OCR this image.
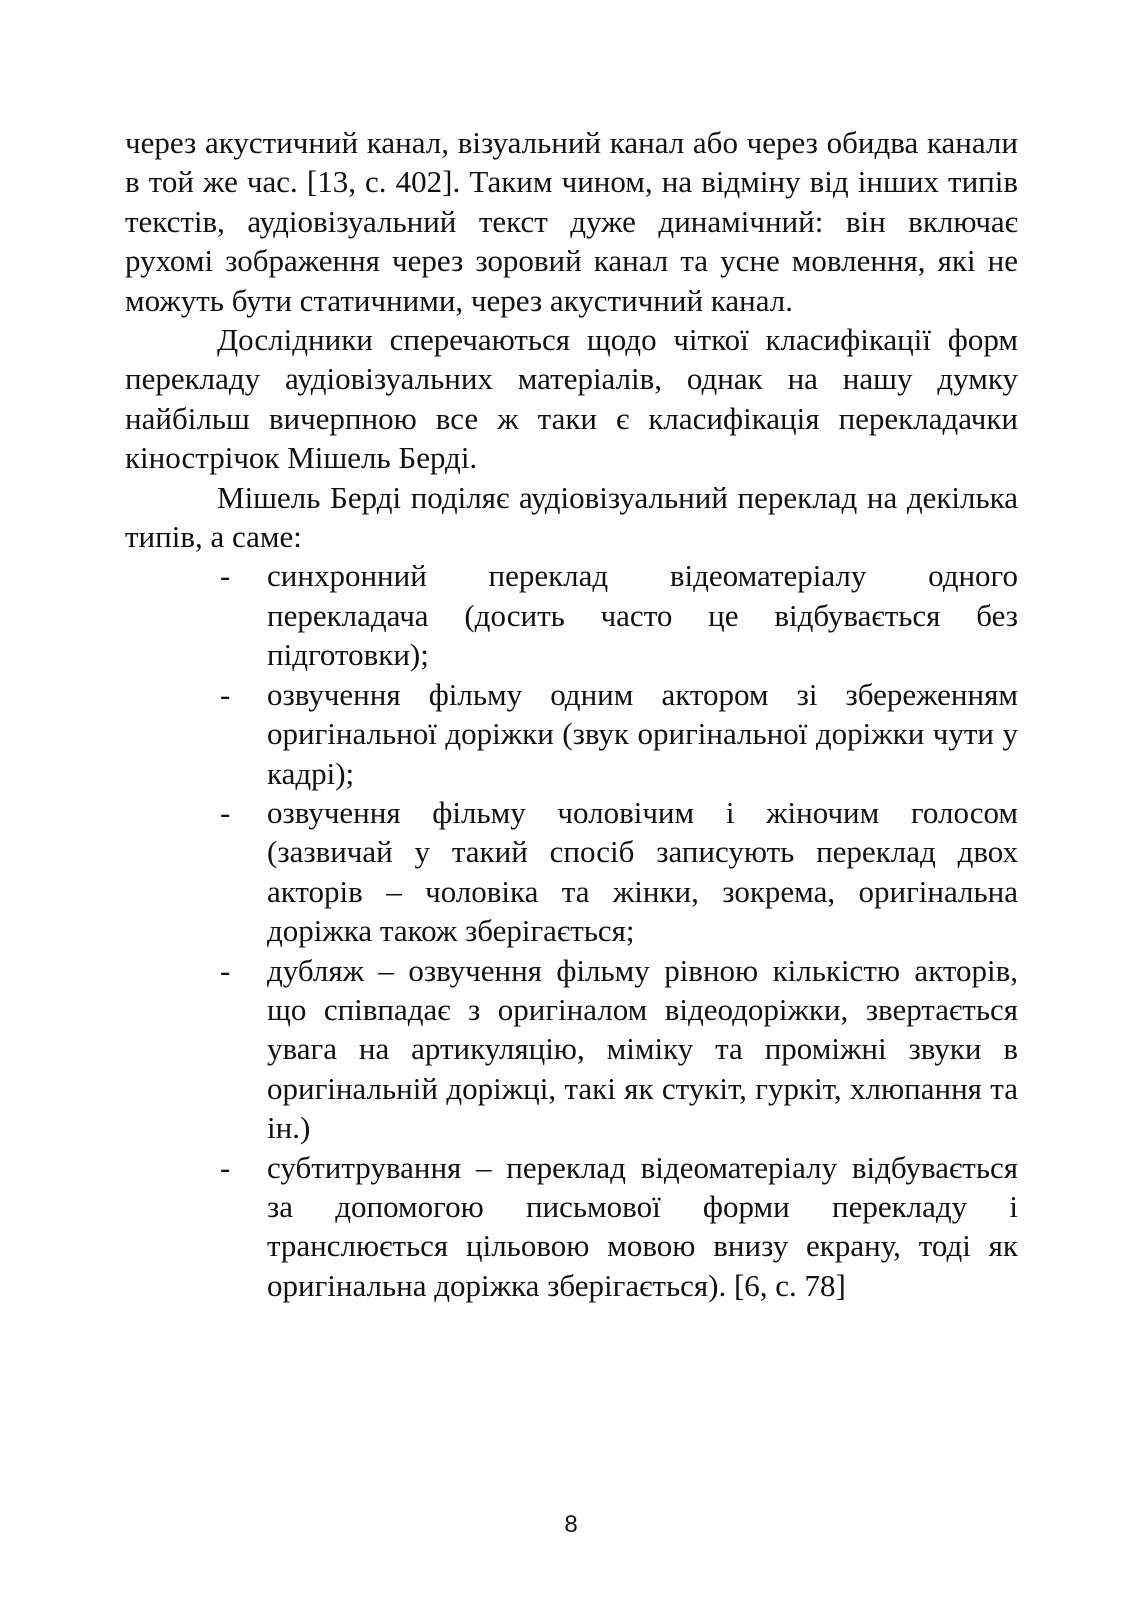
через акустичний канал, візуальний канал або через обидва канали в той же час. [13, с. 402]. Таким чином, на відміну від інших типів текстів, аудіовізуальний текст дуже динамічний: він включає рухомі зображення через зоровий канал та усне мовлення, які не можуть бути статичними, через акустичний канал.

Дослідники сперечаються щодо чіткої класифікації форм перекладу аудіовізуальних матеріалів, однак на нашу думку найбільш вичерпною все ж таки є класифікація перекладачки кінострічок Мішель Берді.

Мішель Берді поділяє аудіовізуальний переклад на декілька типів, а саме:

- синхронний переклад відеоматеріалу одного перекладача (досить часто це відбувається без підготовки);
- озвучення фільму одним актором зі збереженням оригінальної доріжки (звук оригінальної доріжки чути у кадрі);
- озвучення фільму чоловічим і жіночим голосом (зазвичай у такий спосіб записують переклад двох акторів – чоловіка та жінки, зокрема, оригінальна доріжка також зберігається;
- дубляж – озвучення фільму рівною кількістю акторів, що співпадає з оригіналом відеодоріжки, звертається увага на артикуляцію, міміку та проміжні звуки в оригінальній доріжці, такі як стукіт, гуркіт, хлюпання та ін.)
- субтитрування – переклад відеоматеріалу відбувається за допомогою письмової форми перекладу і транслюється цільовою мовою внизу екрану, тоді як оригінальна доріжка зберігається). [6, с. 78]
8
